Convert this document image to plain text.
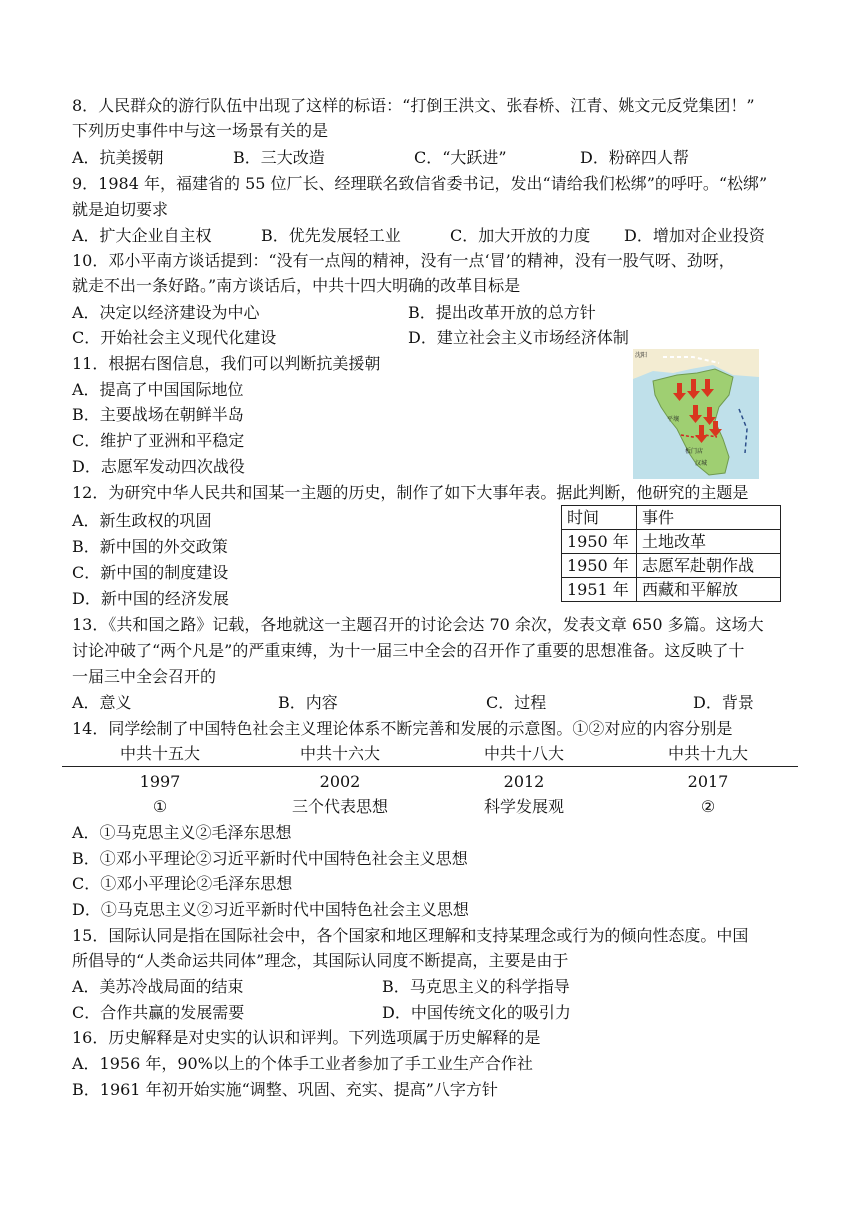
8．人民群众的游行队伍中出现了这样的标语：“打倒王洪文、张春桥、江青、姚文元反党集团！”
下列历史事件中与这一场景有关的是
A．抗美援朝	B．三大改造	C．“大跃进”	D．粉碎四人帮
9．1984 年，福建省的 55 位厂长、经理联名致信省委书记，发出“请给我们松绑”的呼吁。“松绑”
就是迫切要求
A．扩大企业自主权	B．优先发展轻工业	C．加大开放的力度 D．增加对企业投资
10．邓小平南方谈话提到：“没有一点闯的精神，没有一点‘冒’的精神，没有一股气呀、劲呀，
就走不出一条好路。”南方谈话后，中共十四大明确的改革目标是
A．决定以经济建设为中心	B．提出改革开放的总方针
C．开始社会主义现代化建设	D．建立社会主义市场经济体制
11．根据右图信息，我们可以判断抗美援朝
A．提高了中国国际地位
B．主要战场在朝鲜半岛
C．维护了亚洲和平稳定
D．志愿军发动四次战役
沈阳
平壤
汉城
板门店
12．为研究中华人民共和国某一主题的历史，制作了如下大事年表。据此判断，他研究的主题是
A．新生政权的巩固
B．新中国的外交政策
C．新中国的制度建设
D．新中国的经济发展
时间	事件
1950 年	土地改革
1950 年	志愿军赴朝作战
1951 年	西藏和平解放
13．《共和国之路》记载，各地就这一主题召开的讨论会达 70 余次，发表文章 650 多篇。这场大
讨论冲破了“两个凡是”的严重束缚，为十一届三中全会的召开作了重要的思想准备。这反映了十
一届三中全会召开的
A．意义	B．内容	C．过程	D．背景
14．同学绘制了中国特色社会主义理论体系不断完善和发展的示意图。①②对应的内容分别是
中共十五大	中共十六大	中共十八大	中共十九大
1997	2002	2012	2017
①	三个代表思想	科学发展观	②
A．①马克思主义②毛泽东思想
B．①邓小平理论②习近平新时代中国特色社会主义思想
C．①邓小平理论②毛泽东思想
D．①马克思主义②习近平新时代中国特色社会主义思想
15．国际认同是指在国际社会中，各个国家和地区理解和支持某理念或行为的倾向性态度。中国
所倡导的“人类命运共同体”理念，其国际认同度不断提高，主要是由于
A．美苏冷战局面的结束	B．马克思主义的科学指导
C．合作共赢的发展需要	D．中国传统文化的吸引力
16．历史解释是对史实的认识和评判。下列选项属于历史解释的是
A．1956 年，90%以上的个体手工业者参加了手工业生产合作社
B．1961 年初开始实施“调整、巩固、充实、提高”八字方针
